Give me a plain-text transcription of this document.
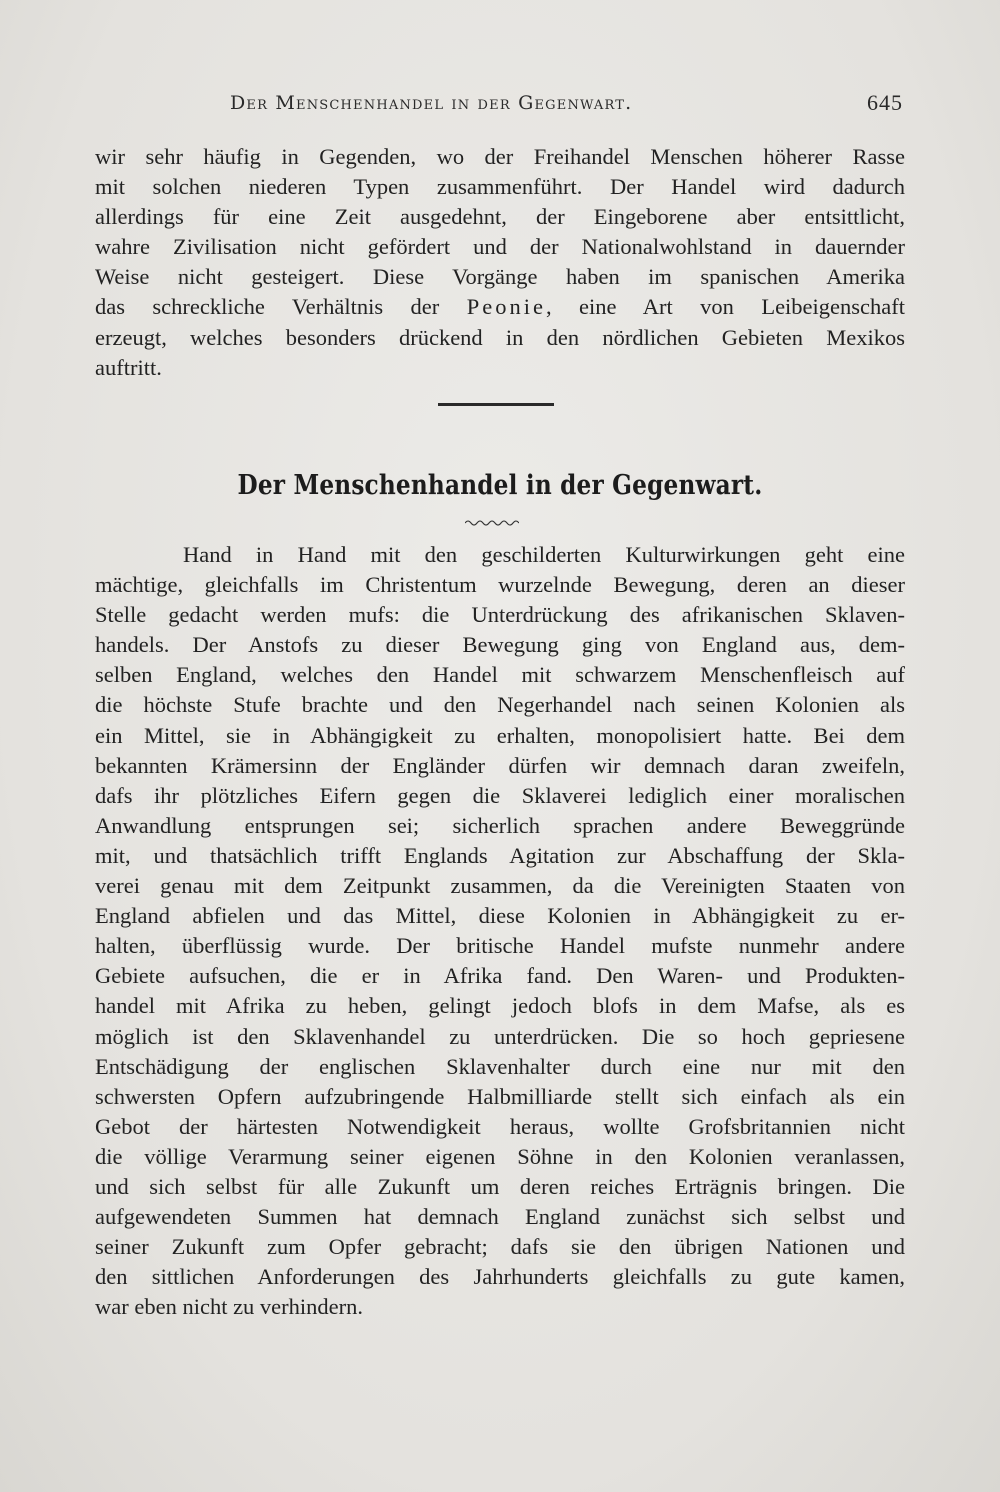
Der Menschenhandel in der Gegenwart.	645
wir sehr häufig in Gegenden, wo der Freihandel Menschen höherer Rasse
mit solchen niederen Typen zusammenführt. Der Handel wird dadurch
allerdings für eine Zeit ausgedehnt, der Eingeborene aber entsittlicht,
wahre Zivilisation nicht gefördert und der Nationalwohlstand in dauernder
Weise nicht gesteigert. Diese Vorgänge haben im spanischen Amerika
das schreckliche Verhältnis der Peonie, eine Art von Leibeigenschaft
erzeugt, welches besonders drückend in den nördlichen Gebieten Mexikos
auftritt.
Der Menschenhandel in der Gegenwart.
Hand in Hand mit den geschilderten Kulturwirkungen geht eine
mächtige, gleichfalls im Christentum wurzelnde Bewegung, deren an dieser
Stelle gedacht werden mufs: die Unterdrückung des afrikanischen Sklaven-
handels. Der Anstofs zu dieser Bewegung ging von England aus, dem-
selben England, welches den Handel mit schwarzem Menschenfleisch auf
die höchste Stufe brachte und den Negerhandel nach seinen Kolonien als
ein Mittel, sie in Abhängigkeit zu erhalten, monopolisiert hatte. Bei dem
bekannten Krämersinn der Engländer dürfen wir demnach daran zweifeln,
dafs ihr plötzliches Eifern gegen die Sklaverei lediglich einer moralischen
Anwandlung entsprungen sei; sicherlich sprachen andere Beweggründe
mit, und thatsächlich trifft Englands Agitation zur Abschaffung der Skla-
verei genau mit dem Zeitpunkt zusammen, da die Vereinigten Staaten von
England abfielen und das Mittel, diese Kolonien in Abhängigkeit zu er-
halten, überflüssig wurde. Der britische Handel mufste nunmehr andere
Gebiete aufsuchen, die er in Afrika fand. Den Waren- und Produkten-
handel mit Afrika zu heben, gelingt jedoch blofs in dem Mafse, als es
möglich ist den Sklavenhandel zu unterdrücken. Die so hoch gepriesene
Entschädigung der englischen Sklavenhalter durch eine nur mit den
schwersten Opfern aufzubringende Halbmilliarde stellt sich einfach als ein
Gebot der härtesten Notwendigkeit heraus, wollte Grofsbritannien nicht
die völlige Verarmung seiner eigenen Söhne in den Kolonien veranlassen,
und sich selbst für alle Zukunft um deren reiches Erträgnis bringen. Die
aufgewendeten Summen hat demnach England zunächst sich selbst und
seiner Zukunft zum Opfer gebracht; dafs sie den übrigen Nationen und
den sittlichen Anforderungen des Jahrhunderts gleichfalls zu gute kamen,
war eben nicht zu verhindern.
